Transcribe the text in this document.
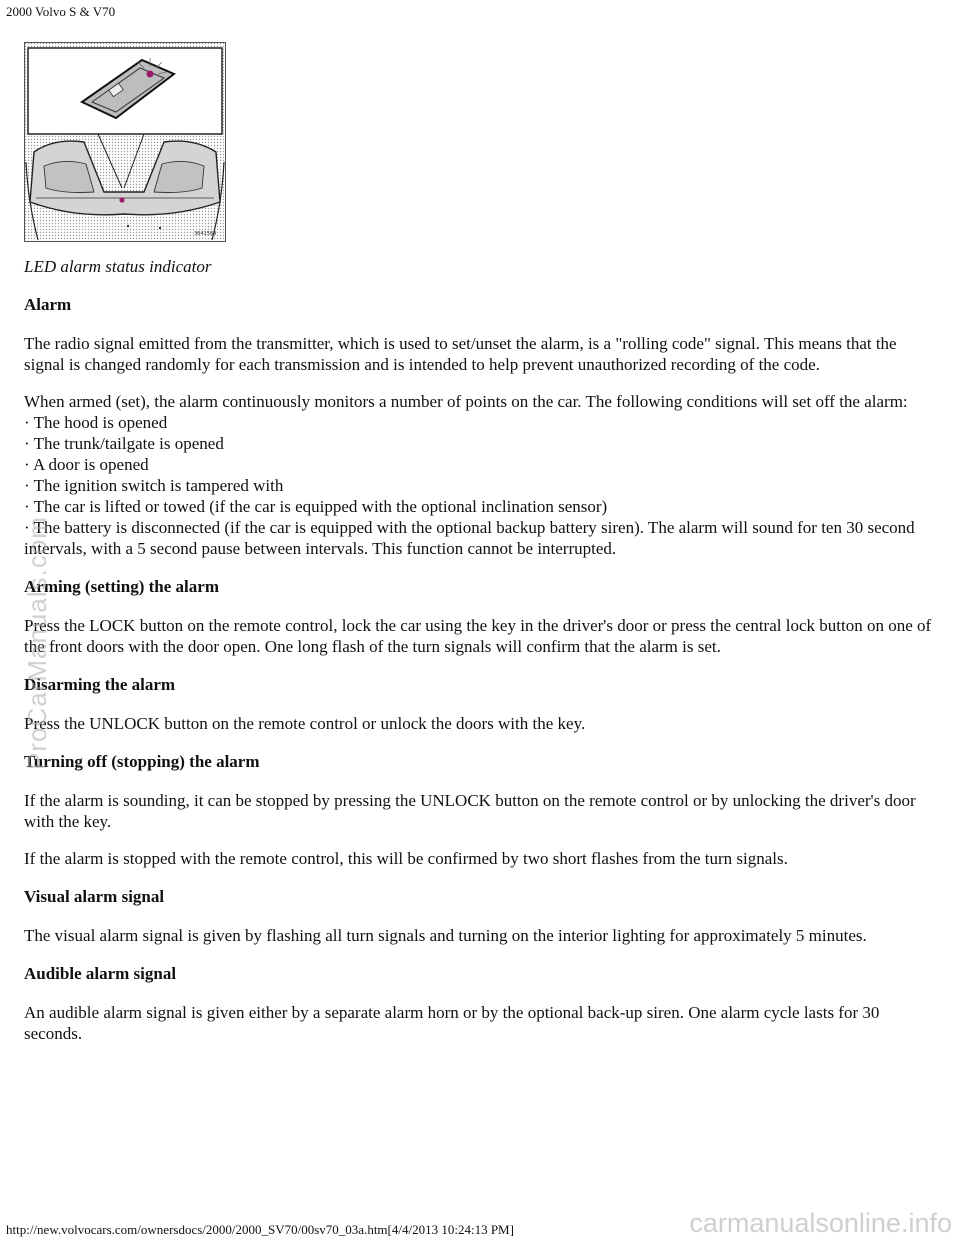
2000 Volvo S & V70
3641584

LED alarm status indicator

Alarm

The radio signal emitted from the transmitter, which is used to set/unset the alarm, is a "rolling code" signal. This means that the signal is changed randomly for each transmission and is intended to help prevent unauthorized recording of the code.

When armed (set), the alarm continuously monitors a number of points on the car. The following conditions will set off the alarm:

· The hood is opened
· The trunk/tailgate is opened
· A door is opened
· The ignition switch is tampered with
· The car is lifted or towed (if the car is equipped with the optional inclination sensor)
· The battery is disconnected (if the car is equipped with the optional backup battery siren). The alarm will sound for ten 30 second intervals, with a 5 second pause between intervals. This function cannot be interrupted.
Arming (setting) the alarm

Press the LOCK button on the remote control, lock the car using the key in the driver's door or press the central lock button on one of the front doors with the door open. One long flash of the turn signals will confirm that the alarm is set.

Disarming the alarm

Press the UNLOCK button on the remote control or unlock the doors with the key.

Turning off (stopping) the alarm

If the alarm is sounding, it can be stopped by pressing the UNLOCK button on the remote control or by unlocking the driver's door with the key.

If the alarm is stopped with the remote control, this will be confirmed by two short flashes from the turn signals.

Visual alarm signal

The visual alarm signal is given by flashing all turn signals and turning on the interior lighting for approximately 5 minutes.

Audible alarm signal

An audible alarm signal is given either by a separate alarm horn or by the optional back-up siren. One alarm cycle lasts for 30 seconds.

ProCarManuals.com
carmanualsonline.info
http://new.volvocars.com/ownersdocs/2000/2000_SV70/00sv70_03a.htm[4/4/2013 10:24:13 PM]
